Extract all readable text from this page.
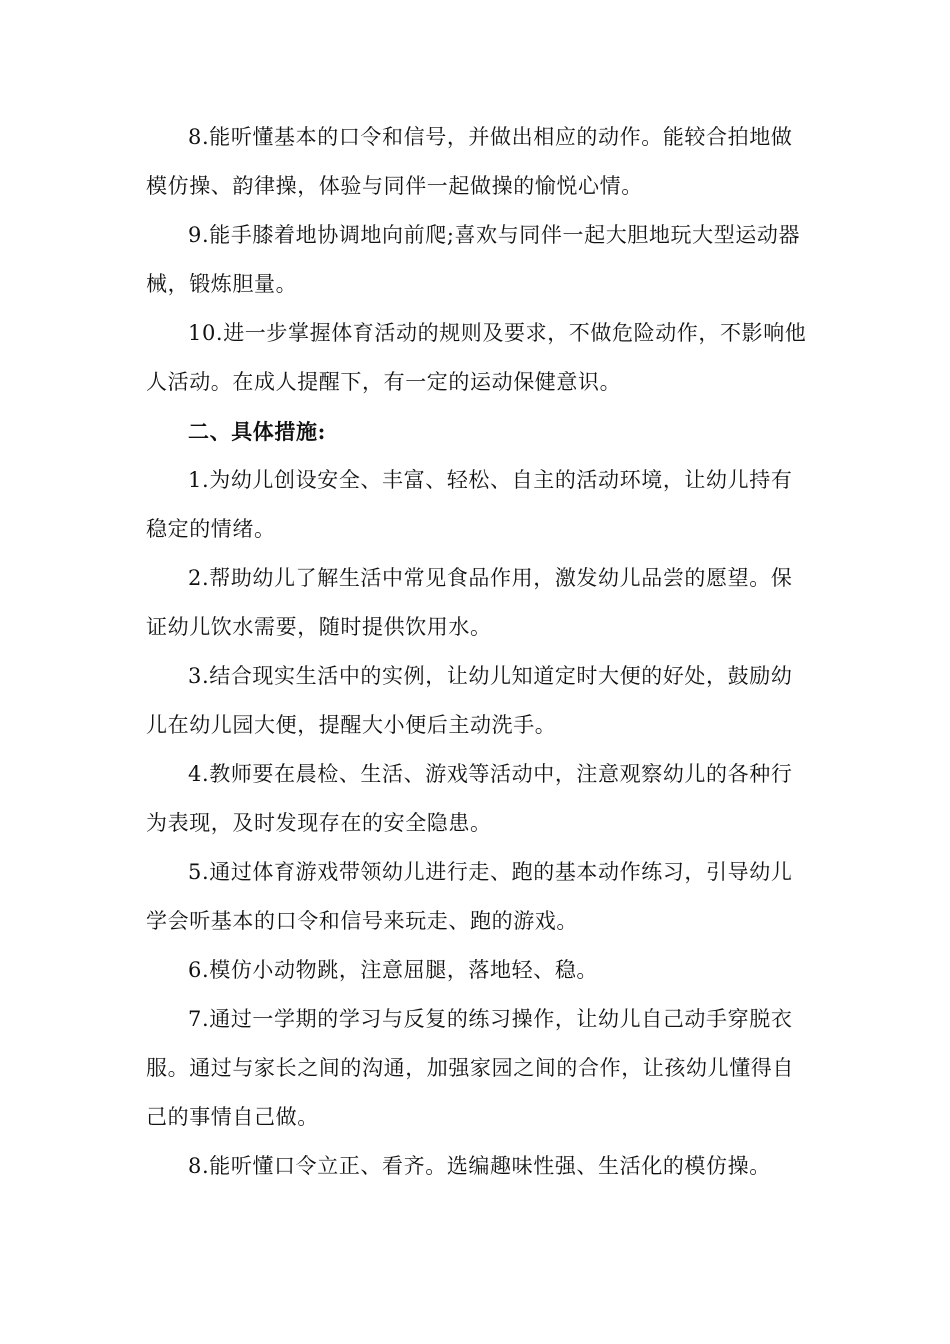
8.能听懂基本的口令和信号，并做出相应的动作。能较合拍地做模仿操、韵律操，体验与同伴一起做操的愉悦心情。

9.能手膝着地协调地向前爬;喜欢与同伴一起大胆地玩大型运动器械，锻炼胆量。

10.进一步掌握体育活动的规则及要求，不做危险动作，不影响他人活动。在成人提醒下，有一定的运动保健意识。

二、具体措施:

1.为幼儿创设安全、丰富、轻松、自主的活动环境，让幼儿持有稳定的情绪。

2.帮助幼儿了解生活中常见食品作用，激发幼儿品尝的愿望。保证幼儿饮水需要，随时提供饮用水。

3.结合现实生活中的实例，让幼儿知道定时大便的好处，鼓励幼儿在幼儿园大便，提醒大小便后主动洗手。

4.教师要在晨检、生活、游戏等活动中，注意观察幼儿的各种行为表现，及时发现存在的安全隐患。

5.通过体育游戏带领幼儿进行走、跑的基本动作练习，引导幼儿学会听基本的口令和信号来玩走、跑的游戏。

6.模仿小动物跳，注意屈腿，落地轻、稳。

7.通过一学期的学习与反复的练习操作，让幼儿自己动手穿脱衣服。通过与家长之间的沟通，加强家园之间的合作，让孩幼儿懂得自己的事情自己做。

8.能听懂口令立正、看齐。选编趣味性强、生活化的模仿操。
